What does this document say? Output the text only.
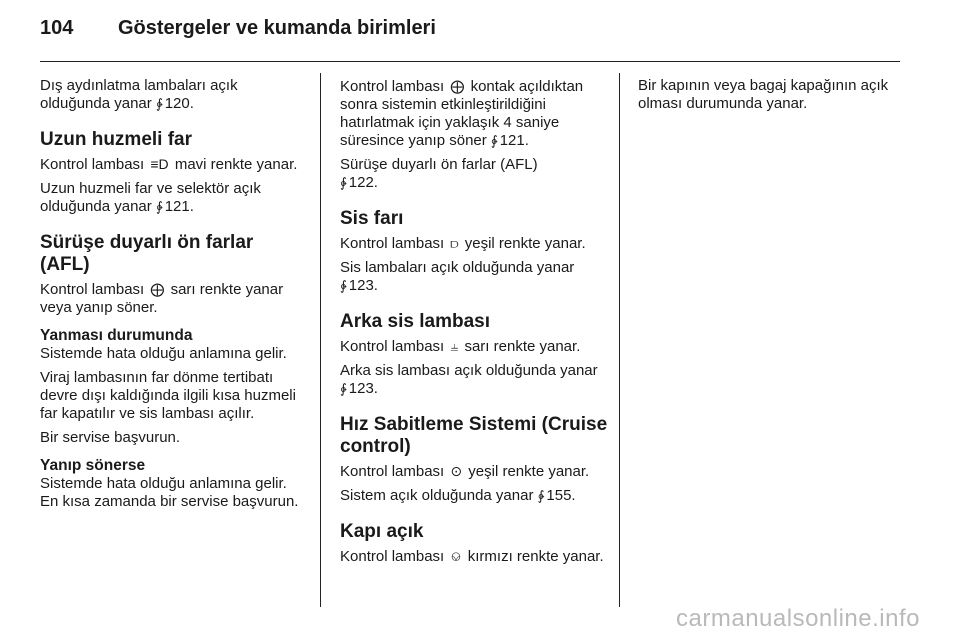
104 Göstergeler ve kumanda birimleri

Dış aydınlatma lambaları açık olduğunda yanar ∳ 120.

Uzun huzmeli far

Kontrol lambası ≡D mavi renkte yanar.

Uzun huzmeli far ve selektör açık olduğunda yanar ∳ 121.

Sürüşe duyarlı ön farlar (AFL)

Kontrol lambası ⨁ sarı renkte yanar veya yanıp söner.

Yanması durumunda

Sistemde hata olduğu anlamına gelir.

Viraj lambasının far dönme tertibatı devre dışı kaldığında ilgili kısa huzmeli far kapatılır ve sis lambası açılır.

Bir servise başvurun.

Yanıp sönerse

Sistemde hata olduğu anlamına gelir. En kısa zamanda bir servise başvurun.

Kontrol lambası ⨁ kontak açıldıktan sonra sistemin etkinleştirildiğini hatırlatmak için yaklaşık 4 saniye süresince yanıp söner ∳ 121.

Sürüşe duyarlı ön farlar (AFL)
∳ 122.

Sis farı

Kontrol lambası ⫐ yeşil renkte yanar.

Sis lambaları açık olduğunda yanar
∳ 123.

Arka sis lambası

Kontrol lambası ⫨ sarı renkte yanar.

Arka sis lambası açık olduğunda yanar ∳ 123.

Hız Sabitleme Sistemi (Cruise control)

Kontrol lambası ⊙ yeşil renkte yanar.

Sistem açık olduğunda yanar ∳ 155.

Kapı açık

Kontrol lambası ⎉ kırmızı renkte yanar.

Bir kapının veya bagaj kapağının açık olması durumunda yanar.

carmanualsonline.info
